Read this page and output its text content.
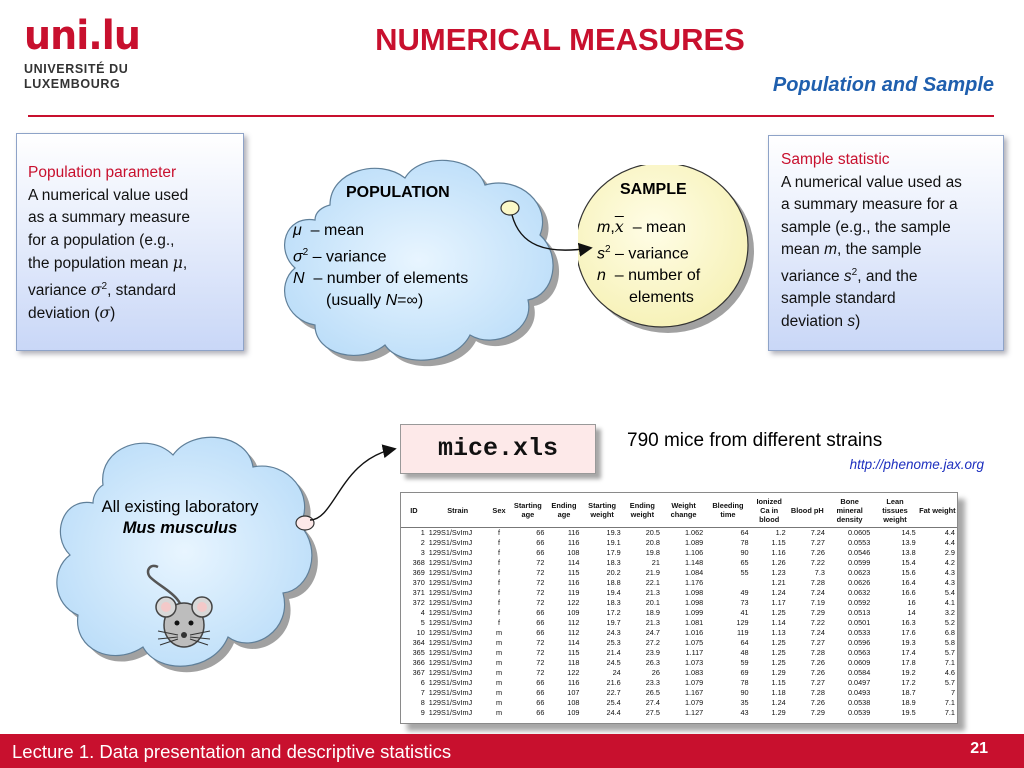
uni.lu
UNIVERSITÉ DU
LUXEMBOURG
NUMERICAL MEASURES
Population and Sample

Population parameter

A numerical value used

as a summary measure

for a population (e.g.,

the population mean μ,

variance $\sigma^2$, standard

deviation (σ)

Sample statistic

A numerical value used as

a summary measure for a

sample (e.g., the sample

mean m, the sample

variance $s^2$, and the

sample standard

deviation s)

POPULATION
μ  – mean
$\sigma^2$ – variance
N  – number of elements
(usually N=∞)
SAMPLE
$m,\overline{x}$  – mean
$s^2$ – variance
n  – number of
elements
All existing laboratory
Mus musculus
mice.xls	790 mice from different strains
http://phenome.jax.org
ID	Strain	Sex	Starting age	Ending age	Starting weight	Ending weight	Weight change	Bleeding time	Ionized Ca in blood	Blood pH	Bone mineral density	Lean tissues weight	Fat weight
1	129S1/SvImJ	f	66	116	19.3	20.5	1.062	64	1.2	7.24	0.0605	14.5	4.4
2	129S1/SvImJ	f	66	116	19.1	20.8	1.089	78	1.15	7.27	0.0553	13.9	4.4
3	129S1/SvImJ	f	66	108	17.9	19.8	1.106	90	1.16	7.26	0.0546	13.8	2.9
368	129S1/SvImJ	f	72	114	18.3	21	1.148	65	1.26	7.22	0.0599	15.4	4.2
369	129S1/SvImJ	f	72	115	20.2	21.9	1.084	55	1.23	7.3	0.0623	15.6	4.3
370	129S1/SvImJ	f	72	116	18.8	22.1	1.176		1.21	7.28	0.0626	16.4	4.3
371	129S1/SvImJ	f	72	119	19.4	21.3	1.098	49	1.24	7.24	0.0632	16.6	5.4
372	129S1/SvImJ	f	72	122	18.3	20.1	1.098	73	1.17	7.19	0.0592	16	4.1
4	129S1/SvImJ	f	66	109	17.2	18.9	1.099	41	1.25	7.29	0.0513	14	3.2
5	129S1/SvImJ	f	66	112	19.7	21.3	1.081	129	1.14	7.22	0.0501	16.3	5.2
10	129S1/SvImJ	m	66	112	24.3	24.7	1.016	119	1.13	7.24	0.0533	17.6	6.8
364	129S1/SvImJ	m	72	114	25.3	27.2	1.075	64	1.25	7.27	0.0596	19.3	5.8
365	129S1/SvImJ	m	72	115	21.4	23.9	1.117	48	1.25	7.28	0.0563	17.4	5.7
366	129S1/SvImJ	m	72	118	24.5	26.3	1.073	59	1.25	7.26	0.0609	17.8	7.1
367	129S1/SvImJ	m	72	122	24	26	1.083	69	1.29	7.26	0.0584	19.2	4.6
6	129S1/SvImJ	m	66	116	21.6	23.3	1.079	78	1.15	7.27	0.0497	17.2	5.7
7	129S1/SvImJ	m	66	107	22.7	26.5	1.167	90	1.18	7.28	0.0493	18.7	7
8	129S1/SvImJ	m	66	108	25.4	27.4	1.079	35	1.24	7.26	0.0538	18.9	7.1
9	129S1/SvImJ	m	66	109	24.4	27.5	1.127	43	1.29	7.29	0.0539	19.5	7.1
Lecture 1. Data presentation and descriptive statistics	21
